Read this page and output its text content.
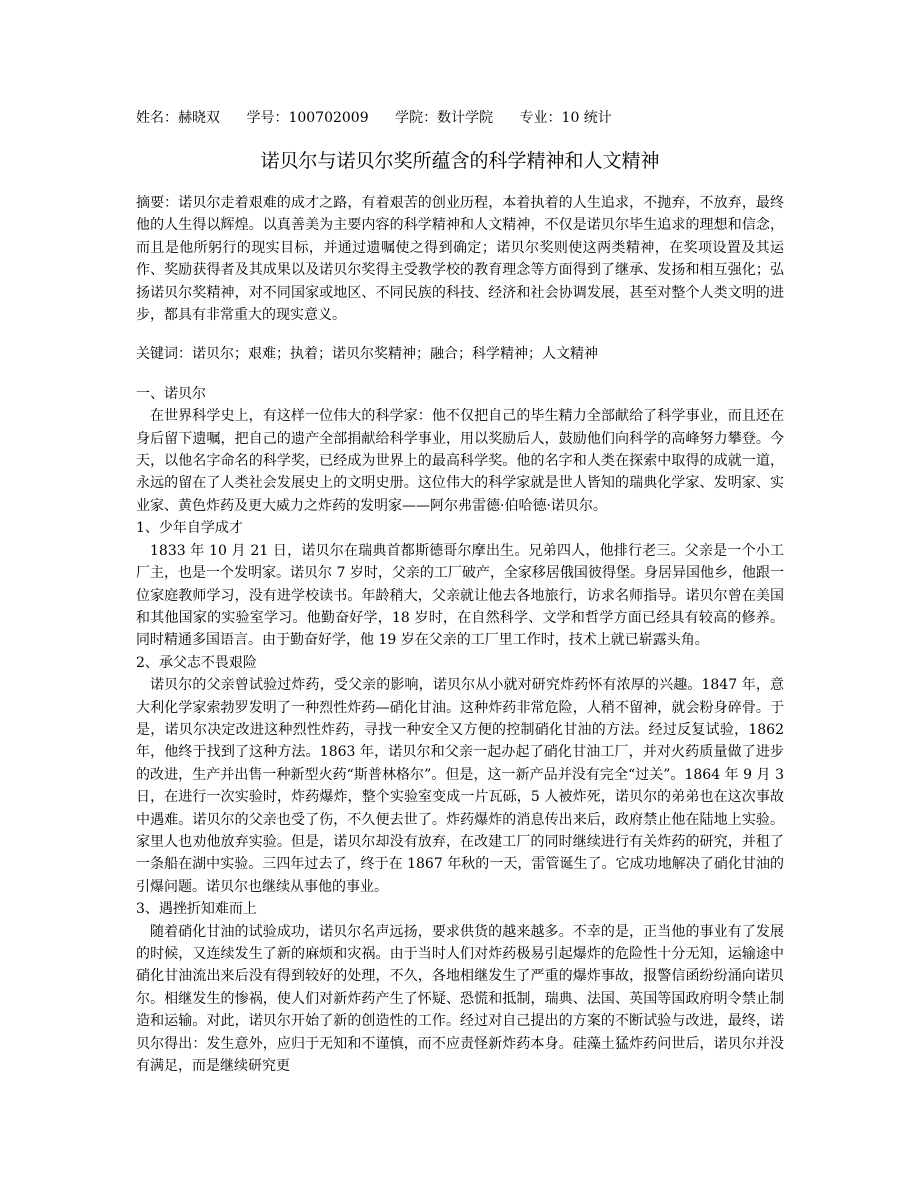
姓名：赫晓双 学号：100702009 学院：数计学院 专业：10 统计
诺贝尔与诺贝尔奖所蕴含的科学精神和人文精神

摘要：诺贝尔走着艰难的成才之路，有着艰苦的创业历程，本着执着的人生追求，不抛弃，不放弃，最终他的人生得以辉煌。以真善美为主要内容的科学精神和人文精神，不仅是诺贝尔毕生追求的理想和信念，而且是他所躬行的现实目标，并通过遗嘱使之得到确定；诺贝尔奖则使这两类精神，在奖项设置及其运作、奖励获得者及其成果以及诺贝尔奖得主受教学校的教育理念等方面得到了继承、发扬和相互强化；弘扬诺贝尔奖精神，对不同国家或地区、不同民族的科技、经济和社会协调发展，甚至对整个人类文明的进步，都具有非常重大的现实意义。

关键词：诺贝尔；艰难；执着；诺贝尔奖精神；融合；科学精神；人文精神

一、诺贝尔

在世界科学史上，有这样一位伟大的科学家：他不仅把自己的毕生精力全部献给了科学事业，而且还在身后留下遗嘱，把自己的遗产全部捐献给科学事业，用以奖励后人，鼓励他们向科学的高峰努力攀登。今天，以他名字命名的科学奖，已经成为世界上的最高科学奖。他的名字和人类在探索中取得的成就一道，永远的留在了人类社会发展史上的文明史册。这位伟大的科学家就是世人皆知的瑞典化学家、发明家、实业家、黄色炸药及更大威力之炸药的发明家——阿尔弗雷德·伯哈德·诺贝尔。

1、少年自学成才

1833 年 10 月 21 日，诺贝尔在瑞典首都斯德哥尔摩出生。兄弟四人，他排行老三。父亲是一个小工厂主，也是一个发明家。诺贝尔 7 岁时，父亲的工厂破产，全家移居俄国彼得堡。身居异国他乡，他跟一位家庭教师学习，没有进学校读书。年龄稍大，父亲就让他去各地旅行，访求名师指导。诺贝尔曾在美国和其他国家的实验室学习。他勤奋好学，18 岁时，在自然科学、文学和哲学方面已经具有较高的修养。同时精通多国语言。由于勤奋好学，他 19 岁在父亲的工厂里工作时，技术上就已崭露头角。

2、承父志不畏艰险

诺贝尔的父亲曾试验过炸药，受父亲的影响，诺贝尔从小就对研究炸药怀有浓厚的兴趣。1847 年，意大利化学家索勃罗发明了一种烈性炸药—硝化甘油。这种炸药非常危险，人稍不留神，就会粉身碎骨。于是，诺贝尔决定改进这种烈性炸药，寻找一种安全又方便的控制硝化甘油的方法。经过反复试验，1862 年，他终于找到了这种方法。1863 年，诺贝尔和父亲一起办起了硝化甘油工厂，并对火药质量做了进步的改进，生产并出售一种新型火药“斯普林格尔”。但是，这一新产品并没有完全“过关”。1864 年 9 月 3 日，在进行一次实验时，炸药爆炸，整个实验室变成一片瓦砾，5 人被炸死，诺贝尔的弟弟也在这次事故中遇难。诺贝尔的父亲也受了伤，不久便去世了。炸药爆炸的消息传出来后，政府禁止他在陆地上实验。家里人也劝他放弃实验。但是，诺贝尔却没有放弃，在改建工厂的同时继续进行有关炸药的研究，并租了一条船在湖中实验。三四年过去了，终于在 1867 年秋的一天，雷管诞生了。它成功地解决了硝化甘油的引爆问题。诺贝尔也继续从事他的事业。

3、遇挫折知难而上

随着硝化甘油的试验成功，诺贝尔名声远扬，要求供货的越来越多。不幸的是，正当他的事业有了发展的时候，又连续发生了新的麻烦和灾祸。由于当时人们对炸药极易引起爆炸的危险性十分无知，运输途中硝化甘油流出来后没有得到较好的处理，不久，各地相继发生了严重的爆炸事故，报警信函纷纷涌向诺贝尔。相继发生的惨祸，使人们对新炸药产生了怀疑、恐慌和抵制，瑞典、法国、英国等国政府明令禁止制造和运输。对此，诺贝尔开始了新的创造性的工作。经过对自己提出的方案的不断试验与改进，最终，诺贝尔得出：发生意外，应归于无知和不谨慎，而不应责怪新炸药本身。硅藻土猛炸药问世后，诺贝尔并没有满足，而是继续研究更
